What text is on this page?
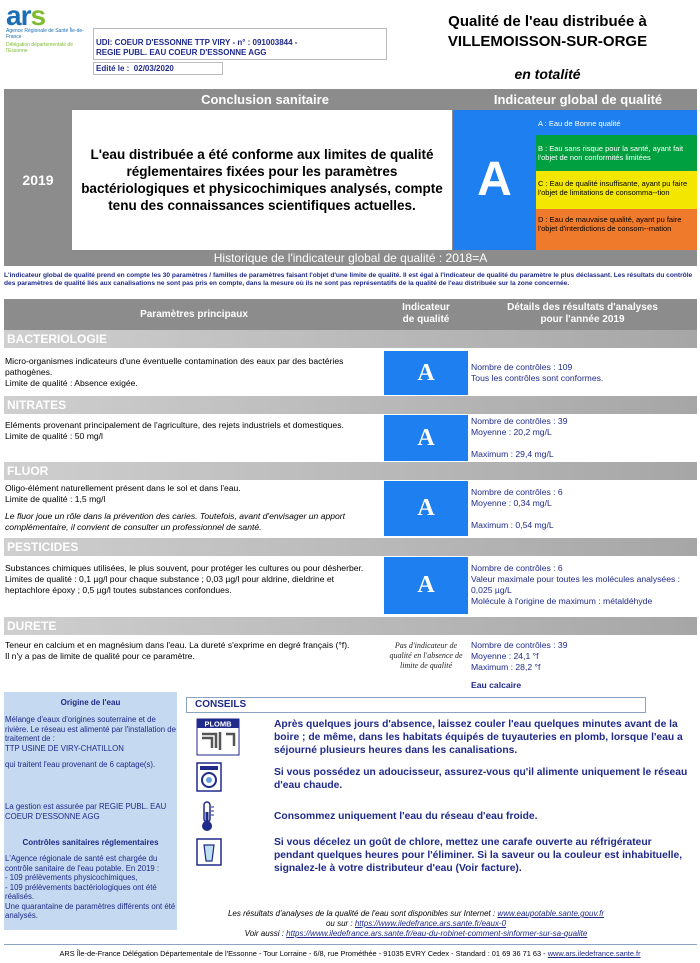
ars
Agence Régionale de Santé Île-de-France
Délégation départementale de l'Essonne
UDI: COEUR D'ESSONNE TTP VIRY - n° : 091003844 -
REGIE PUBL. EAU COEUR D'ESSONNE AGG
Edité le : 02/03/2020
Qualité de l'eau distribuée à
VILLEMOISSON-SUR-ORGE
en totalité
Conclusion sanitaire	Indicateur global de qualité
2019
L'eau distribuée a été conforme aux limites de qualité réglementaires fixées pour les paramètres bactériologiques et physicochimiques analysés, compte tenu des connaissances scientifiques actuelles.	A
A : Eau de Bonne qualité
B : Eau sans risque pour la santé, ayant fait l'objet de non conformités limitées
C : Eau de qualité insuffisante, ayant pu faire l'objet de limitations de consomma--tion
D : Eau de mauvaise qualité, ayant pu faire l'objet d'interdictions de consom--mation
Historique de l'indicateur global de qualité : 2018=A
L'indicateur global de qualité prend en compte les 30 paramètres / familles de paramètres faisant l'objet d'une limite de qualité. Il est égal à l'indicateur de qualité du paramètre le plus déclassant. Les résultats du contrôle des paramètres de qualité liés aux canalisations ne sont pas pris en compte, dans la mesure où ils ne sont pas représentatifs de la qualité de l'eau distribuée sur la zone concernée.
Paramètres principaux
Indicateur
de qualité
Détails des résultats d'analyses
pour l'année 2019
BACTERIOLOGIE
Micro-organismes indicateurs d'une éventuelle contamination des eaux par des bactéries pathogènes.
Limite de qualité : Absence exigée.	A	Nombre de contrôles : 109
Tous les contrôles sont conformes.
NITRATES
Eléments provenant principalement de l'agriculture, des rejets industriels et domestiques.
Limite de qualité : 50 mg/l	A
Nombre de contrôles : 39
Moyenne : 20,2 mg/L
Maximum : 29,4 mg/L
FLUOR
Oligo-élément naturellement présent dans le sol et dans l'eau.
Limite de qualité : 1,5 mg/l
Le fluor joue un rôle dans la prévention des caries. Toutefois, avant d'envisager un apport complémentaire, il convient de consulter un professionnel de santé.
A
Nombre de contrôles : 6
Moyenne : 0,34 mg/L
Maximum : 0,54 mg/L
PESTICIDES
Substances chimiques utilisées, le plus souvent, pour protéger les cultures ou pour désherber.
Limites de qualité : 0,1 µg/l pour chaque substance ; 0,03 µg/l pour aldrine, dieldrine et heptachlore époxy ; 0,5 µg/l toutes substances confondues.	A
Nombre de contrôles : 6
Valeur maximale pour toutes les molécules analysées : 0,025 µg/L
Molécule à l'origine de maximum : métaldéhyde
DURETE
Teneur en calcium et en magnésium dans l'eau. La dureté s'exprime en degré français (°f).
Il n'y a pas de limite de qualité pour ce paramètre.
Pas d'indicateur de qualité en l'absence de limite de qualité
Nombre de contrôles : 39
Moyenne : 24,1 °f
Maximum : 28,2 °f
Eau calcaire
Origine de l'eau
Mélange d'eaux d'origines souterraine et de rivière. Le réseau est alimenté par l'installation de traitement de :
TTP USINE DE VIRY-CHATILLON
qui traitent l'eau provenant de 6 captage(s).
La gestion est assurée par REGIE PUBL. EAU COEUR D'ESSONNE AGG
Contrôles sanitaires réglementaires
L'Agence régionale de santé est chargée du contrôle sanitaire de l'eau potable. En 2019 :
- 109 prélèvements physicochimiques,
- 109 prélèvements bactériologiques ont été réalisés.
Une quarantaine de paramètres différents ont été analysés.
CONSEILS
PLOMB	Après quelques jours d'absence, laissez couler l'eau quelques minutes avant de la boire ; de même, dans les habitats équipés de tuyauteries en plomb, lorsque l'eau a séjourné plusieurs heures dans les canalisations.
Si vous possédez un adoucisseur, assurez-vous qu'il alimente uniquement le réseau d'eau chaude.
Consommez uniquement l'eau du réseau d'eau froide.
Si vous décelez un goût de chlore, mettez une carafe ouverte au réfrigérateur pendant quelques heures pour l'éliminer. Si la saveur ou la couleur est inhabituelle, signalez-le à votre distributeur d'eau (Voir facture).
Les résultats d'analyses de la qualité de l'eau sont disponibles sur Internet : www.eaupotable.sante.gouv.fr
ou sur : https://www.iledefrance.ars.sante.fr/eaux-0
Voir aussi : https://www.iledefrance.ars.sante.fr/eau-du-robinet-comment-sinformer-sur-sa-qualite
ARS Île-de-France Délégation Départementale de l'Essonne - Tour Lorraine - 6/8, rue Prométhée - 91035 EVRY Cedex - Standard : 01 69 36 71 63 - www.ars.iledefrance.sante.fr
